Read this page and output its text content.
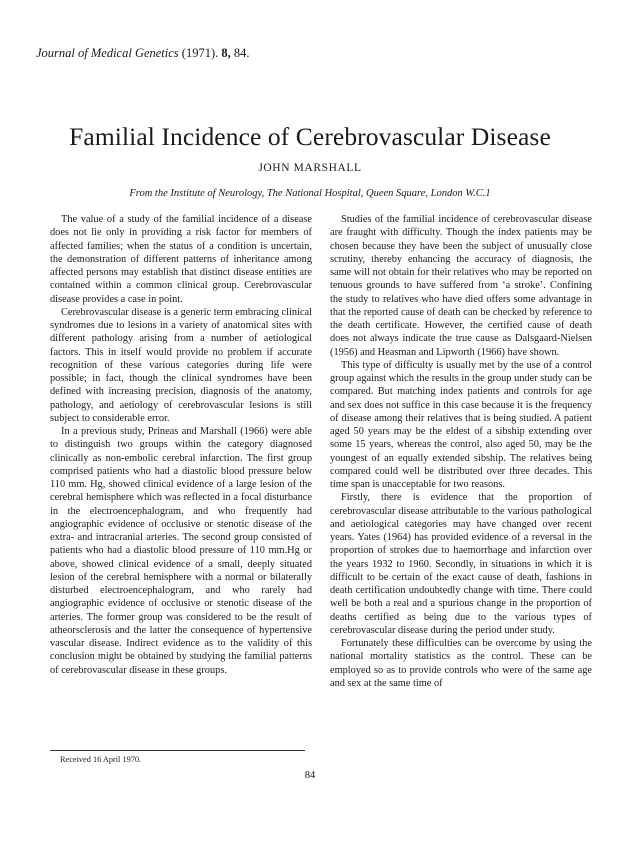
Journal of Medical Genetics (1971). 8, 84.
Familial Incidence of Cerebrovascular Disease
JOHN MARSHALL
From the Institute of Neurology, The National Hospital, Queen Square, London W.C.1

The value of a study of the familial incidence of a disease does not lie only in providing a risk factor for members of affected families; when the status of a condition is uncertain, the demonstration of different patterns of inheritance among affected persons may establish that distinct disease entities are contained within a common clinical group. Cerebrovascular disease provides a case in point.

Cerebrovascular disease is a generic term embracing clinical syndromes due to lesions in a variety of anatomical sites with different pathology arising from a number of aetiological factors. This in itself would provide no problem if accurate recognition of these various categories during life were possible; in fact, though the clinical syndromes have been defined with increasing precision, diagnosis of the anatomy, pathology, and aetiology of cerebrovascular lesions is still subject to considerable error.

In a previous study, Prineas and Marshall (1966) were able to distinguish two groups within the category diagnosed clinically as non-embolic cerebral infarction. The first group comprised patients who had a diastolic blood pressure below 110 mm. Hg, showed clinical evidence of a large lesion of the cerebral hemisphere which was reflected in a focal disturbance in the electroencephalogram, and who frequently had angiographic evidence of occlusive or stenotic disease of the extra- and intracranial arteries. The second group consisted of patients who had a diastolic blood pressure of 110 mm.Hg or above, showed clinical evidence of a small, deeply situated lesion of the cerebral hemisphere with a normal or bilaterally disturbed electroencephalogram, and who rarely had angiographic evidence of occlusive or stenotic disease of the arteries. The former group was considered to be the result of atheorsclerosis and the latter the consequence of hypertensive vascular disease. Indirect evidence as to the validity of this conclusion might be obtained by studying the familial patterns of cerebrovascular disease in these groups.

Studies of the familial incidence of cerebrovascular disease are fraught with difficulty. Though the index patients may be chosen because they have been the subject of unusually close scrutiny, thereby enhancing the accuracy of diagnosis, the same will not obtain for their relatives who may be reported on tenuous grounds to have suffered from ‘a stroke’. Confining the study to relatives who have died offers some advantage in that the reported cause of death can be checked by reference to the death certificate. However, the certified cause of death does not always indicate the true cause as Dalsgaard-Nielsen (1956) and Heasman and Lipworth (1966) have shown.

This type of difficulty is usually met by the use of a control group against which the results in the group under study can be compared. But matching index patients and controls for age and sex does not suffice in this case because it is the frequency of disease among their relatives that is being studied. A patient aged 50 years may be the eldest of a sibship extending over some 15 years, whereas the control, also aged 50, may be the youngest of an equally extended sibship. The relatives being compared could well be distributed over three decades. This time span is unacceptable for two reasons.

Firstly, there is evidence that the proportion of cerebrovascular disease attributable to the various pathological and aetiological categories may have changed over recent years. Yates (1964) has provided evidence of a reversal in the proportion of strokes due to haemorrhage and infarction over the years 1932 to 1960. Secondly, in situations in which it is difficult to be certain of the exact cause of death, fashions in death certification undoubtedly change with time. There could well be both a real and a spurious change in the proportion of deaths certified as being due to the various types of cerebrovascular disease during the period under study.

Fortunately these difficulties can be overcome by using the national mortality statistics as the control. These can be employed so as to provide controls who were of the same age and sex at the same time of

Received 16 April 1970.
84
